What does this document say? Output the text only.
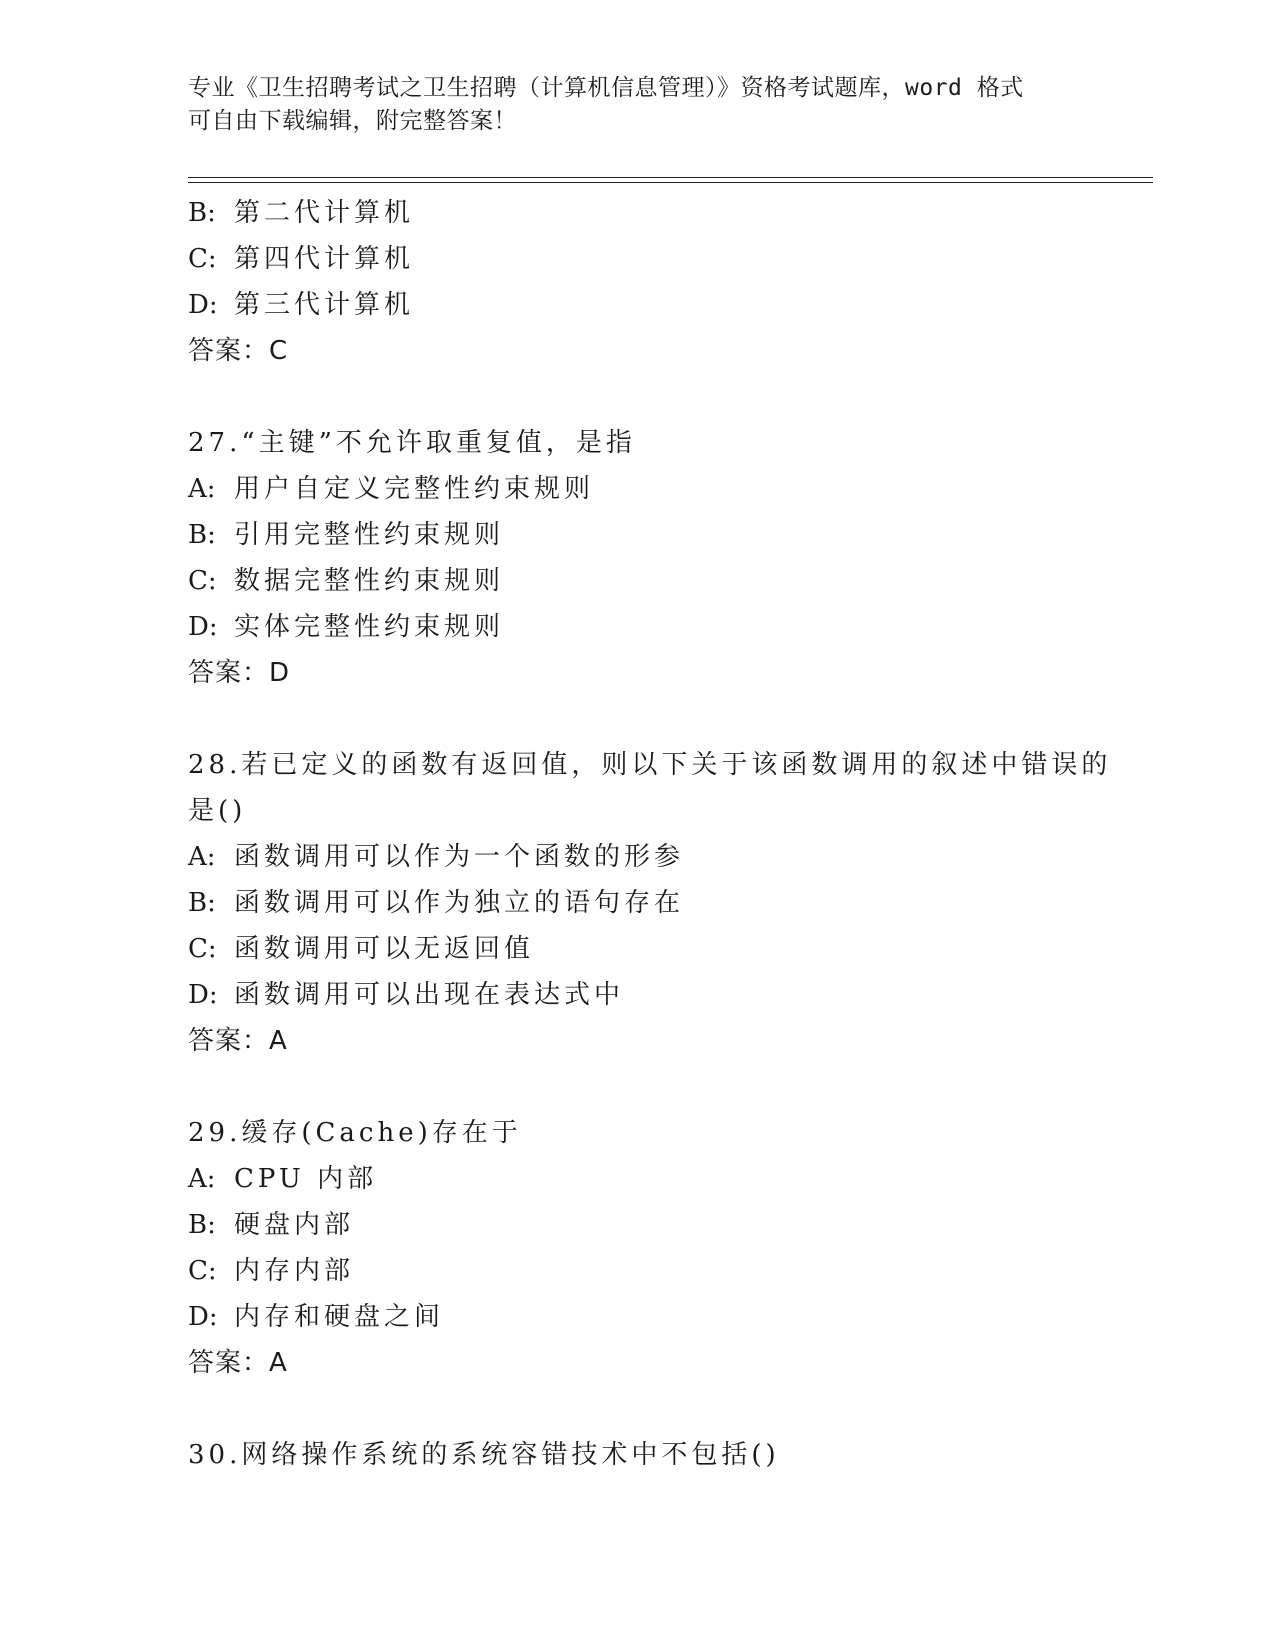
专业《卫生招聘考试之卫生招聘（计算机信息管理）》资格考试题库，word 格式
可自由下载编辑，附完整答案！
B: 第二代计算机
C: 第四代计算机
D: 第三代计算机
答案：C
27.“主键”不允许取重复值，是指
A: 用户自定义完整性约束规则
B: 引用完整性约束规则
C: 数据完整性约束规则
D: 实体完整性约束规则
答案：D
28.若已定义的函数有返回值，则以下关于该函数调用的叙述中错误的
是()
A: 函数调用可以作为一个函数的形参
B: 函数调用可以作为独立的语句存在
C: 函数调用可以无返回值
D: 函数调用可以出现在表达式中
答案：A
29.缓存(Cache)存在于
A: CPU 内部
B: 硬盘内部
C: 内存内部
D: 内存和硬盘之间
答案：A
30.网络操作系统的系统容错技术中不包括()
